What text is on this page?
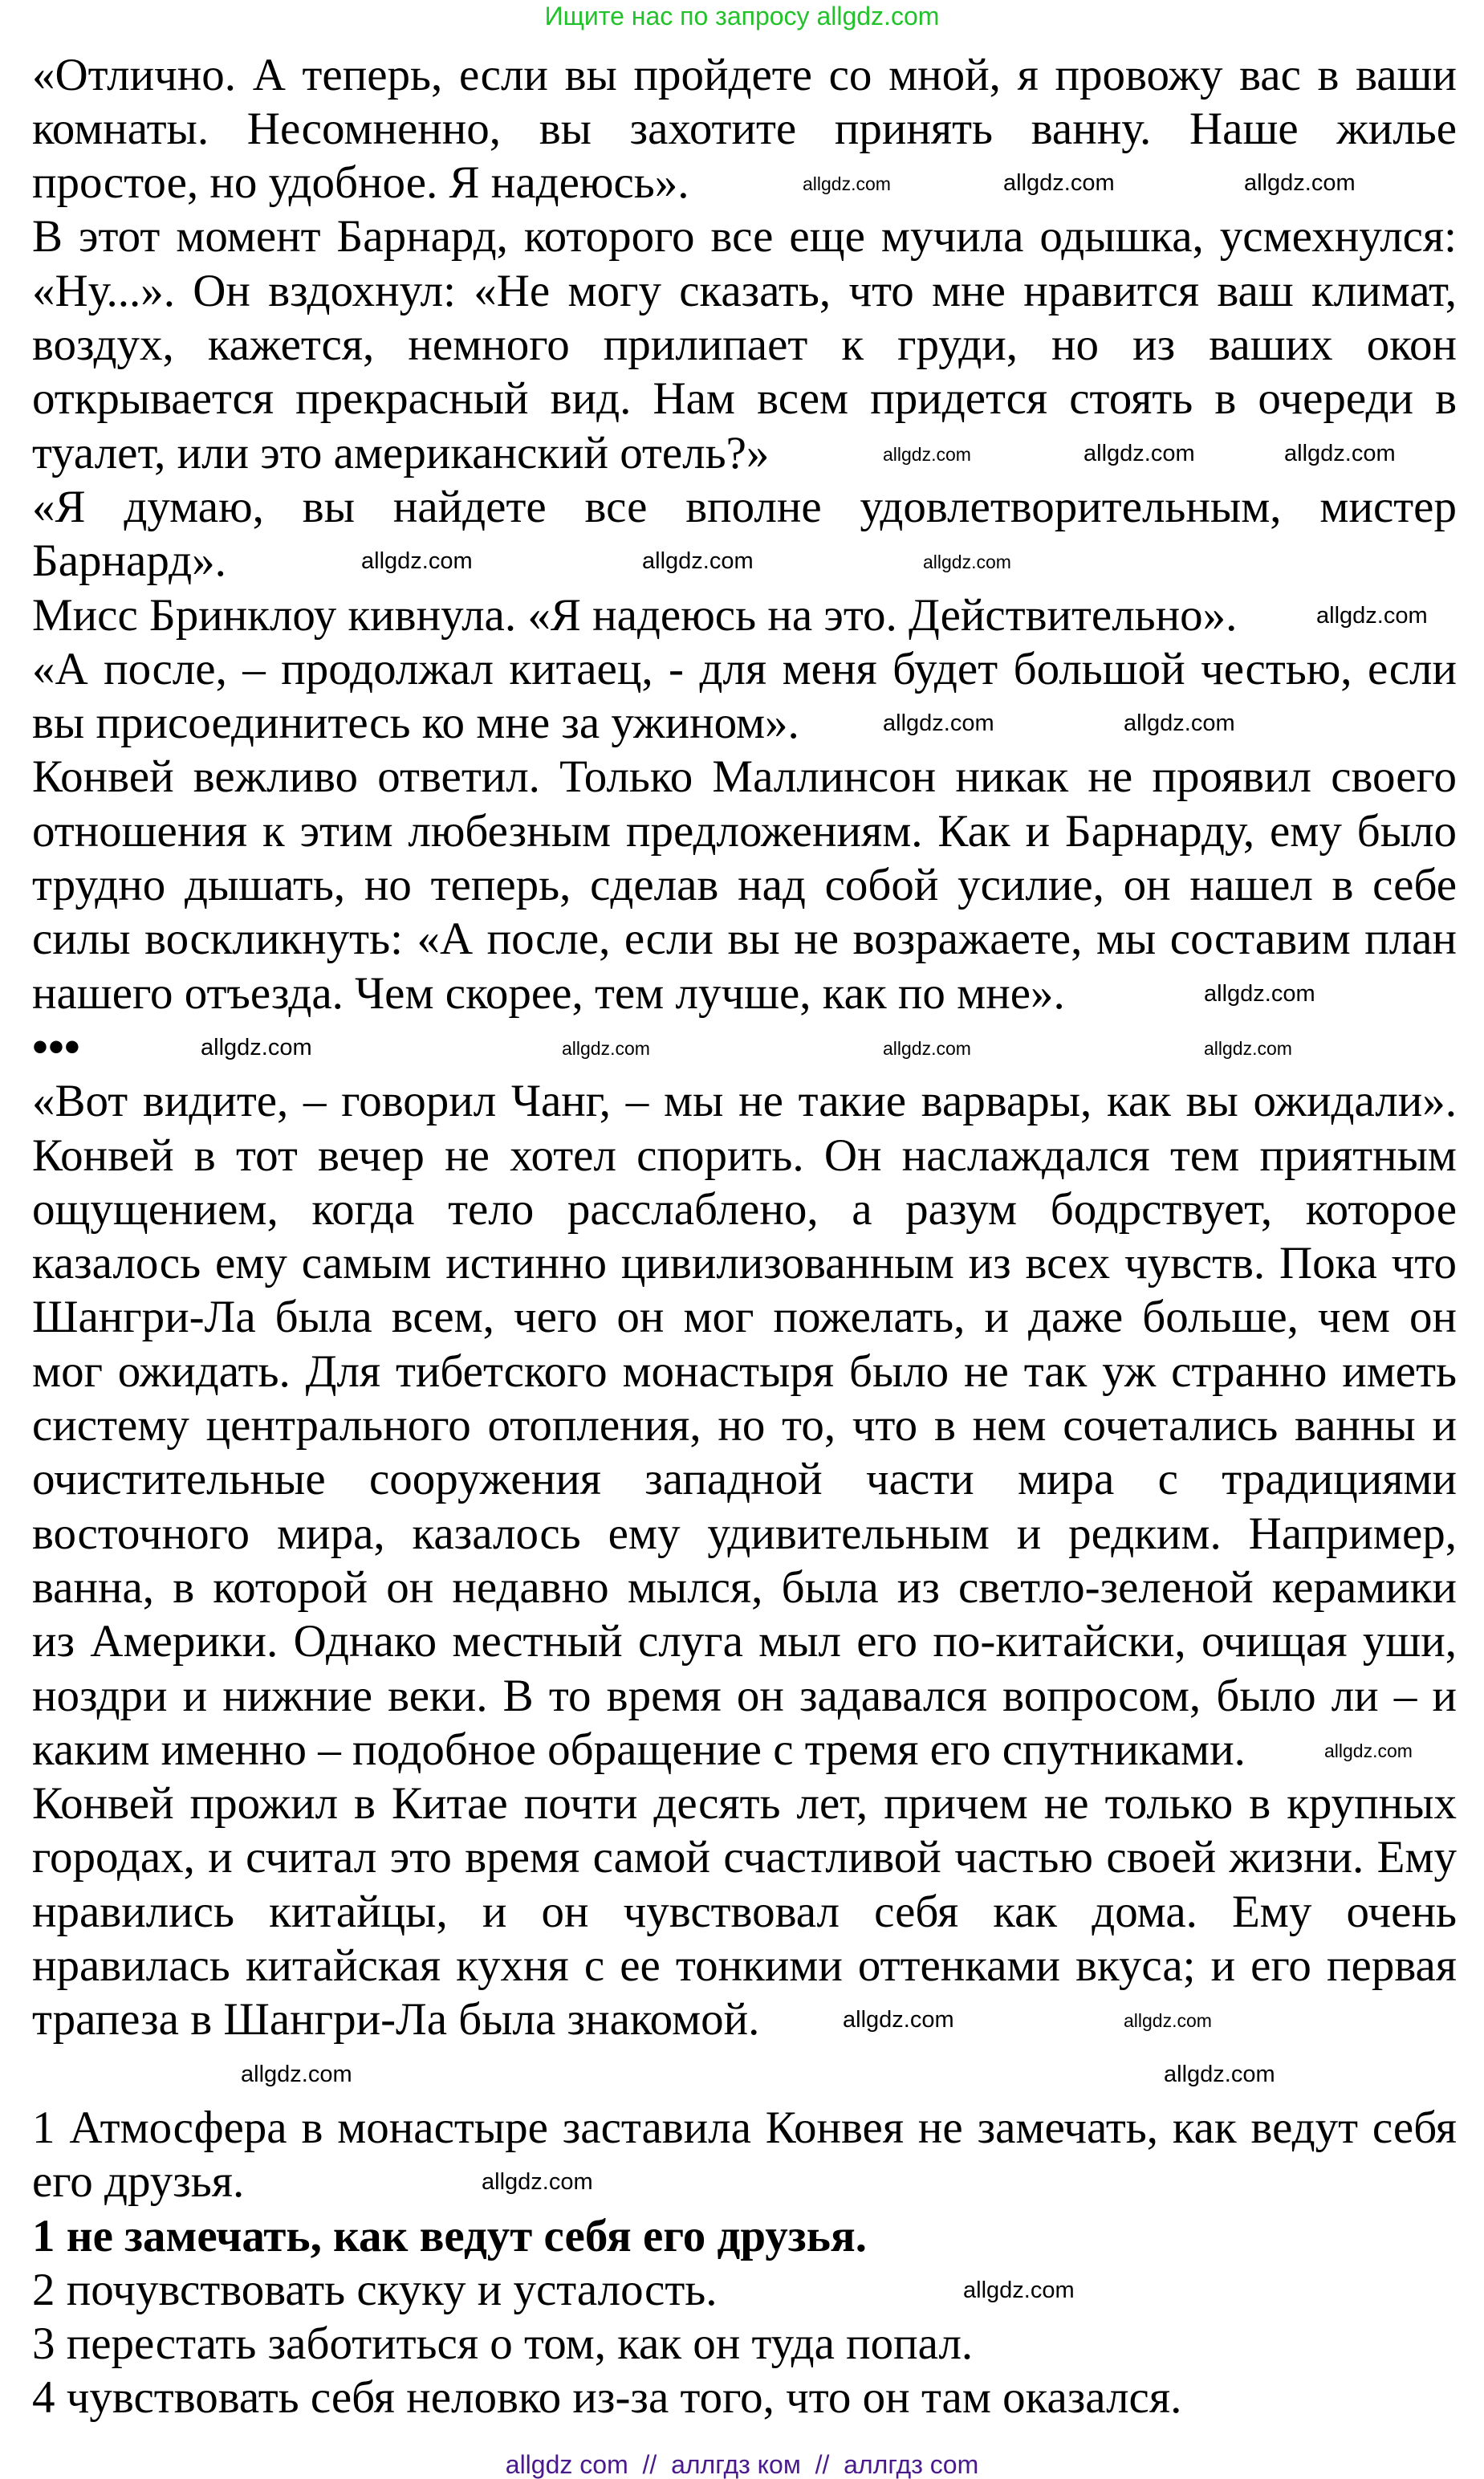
Ищите нас по запросу allgdz.com
«Отлично. А теперь, если вы пройдете со мной, я провожу вас в ваши
комнаты. Несомненно, вы захотите принять ванну. Наше жилье
простое, но удобное. Я надеюсь».
В этот момент Барнард, которого все еще мучила одышка, усмехнулся:
«Ну...». Он вздохнул: «Не могу сказать, что мне нравится ваш климат,
воздух, кажется, немного прилипает к груди, но из ваших окон
открывается прекрасный вид. Нам всем придется стоять в очереди в
туалет, или это американский отель?»
«Я думаю, вы найдете все вполне удовлетворительным, мистер
Барнард».
Мисс Бринклоу кивнула. «Я надеюсь на это. Действительно».
«А после, – продолжал китаец, - для меня будет большой честью, если
вы присоединитесь ко мне за ужином».
Конвей вежливо ответил. Только Маллинсон никак не проявил своего
отношения к этим любезным предложениям. Как и Барнарду, ему было
трудно дышать, но теперь, сделав над собой усилие, он нашел в себе
силы воскликнуть: «А после, если вы не возражаете, мы составим план
нашего отъезда. Чем скорее, тем лучше, как по мне».
•••
«Вот видите, – говорил Чанг, – мы не такие варвары, как вы ожидали».
Конвей в тот вечер не хотел спорить. Он наслаждался тем приятным
ощущением, когда тело расслаблено, а разум бодрствует, которое
казалось ему самым истинно цивилизованным из всех чувств. Пока что
Шангри-Ла была всем, чего он мог пожелать, и даже больше, чем он
мог ожидать. Для тибетского монастыря было не так уж странно иметь
систему центрального отопления, но то, что в нем сочетались ванны и
очистительные сооружения западной части мира с традициями
восточного мира, казалось ему удивительным и редким. Например,
ванна, в которой он недавно мылся, была из светло-зеленой керамики
из Америки. Однако местный слуга мыл его по-китайски, очищая уши,
ноздри и нижние веки. В то время он задавался вопросом, было ли – и
каким именно – подобное обращение с тремя его спутниками.
Конвей прожил в Китае почти десять лет, причем не только в крупных
городах, и считал это время самой счастливой частью своей жизни. Ему
нравились китайцы, и он чувствовал себя как дома. Ему очень
нравилась китайская кухня с ее тонкими оттенками вкуса; и его первая
трапеза в Шангри-Ла была знакомой.
1 Атмосфера в монастыре заставила Конвея не замечать, как ведут себя
его друзья.
1 не замечать, как ведут себя его друзья.
2 почувствовать скуку и усталость.
3 перестать заботиться о том, как он туда попал.
4 чувствовать себя неловко из-за того, что он там оказался.
allgdz.com	allgdz.com	allgdz.com
allgdz.com	allgdz.com	allgdz.com
allgdz.com	allgdz.com	allgdz.com
allgdz.com
allgdz.com	allgdz.com
allgdz.com
allgdz.com	allgdz.com	allgdz.com	allgdz.com
allgdz.com
allgdz.com	allgdz.com
allgdz.com	allgdz.com
allgdz.com
allgdz.com
allgdz com  //  аллгдз ком  //  аллгдз com
